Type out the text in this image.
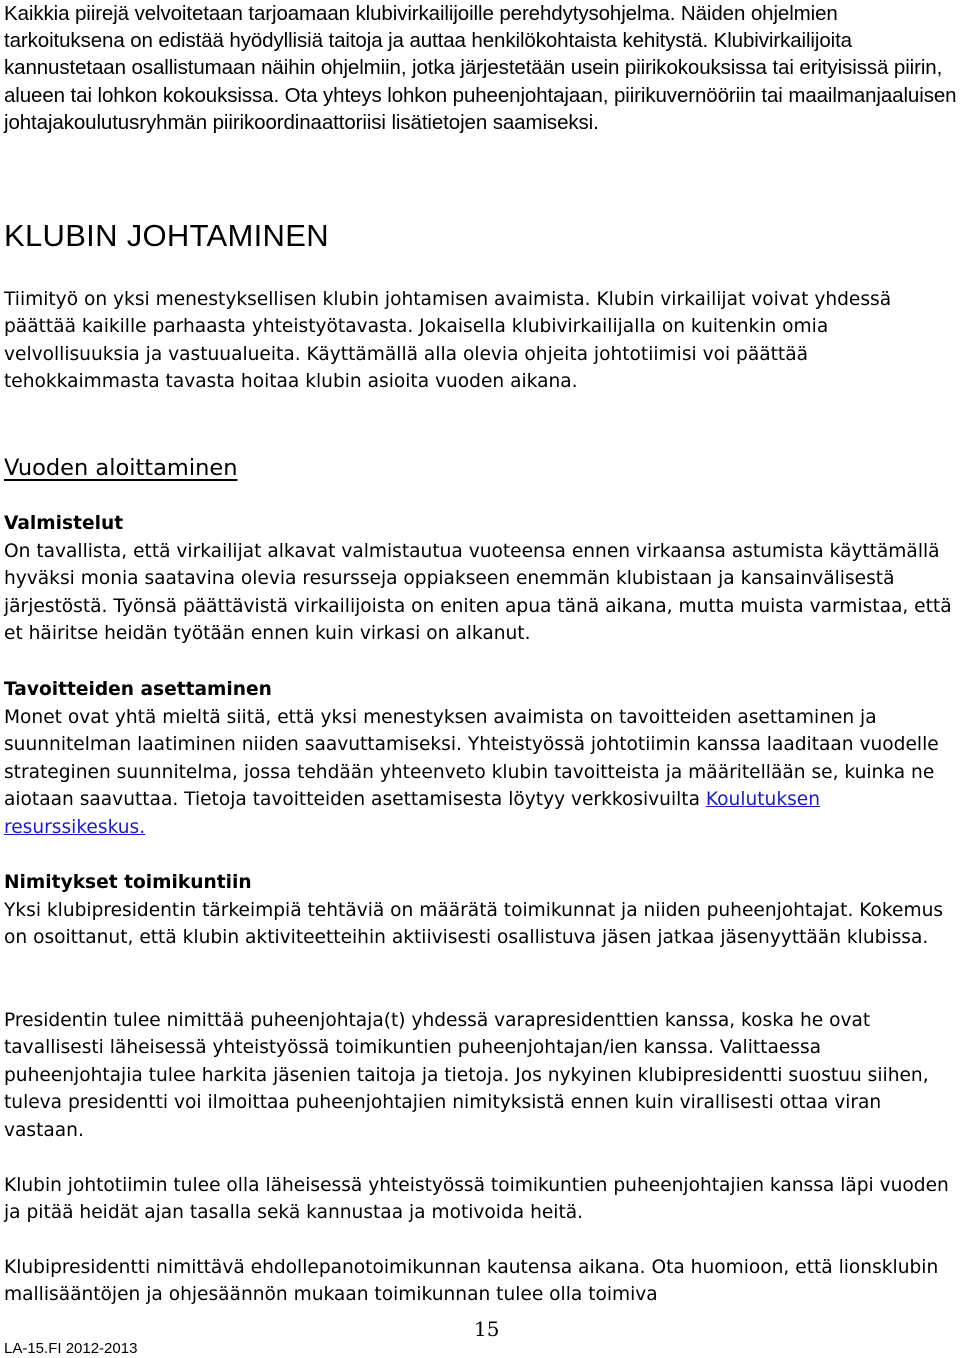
Kaikkia piirejä velvoitetaan tarjoamaan klubivirkailijoille perehdytysohjelma. Näiden ohjelmien tarkoituksena on edistää hyödyllisiä taitoja ja auttaa henkilökohtaista kehitystä. Klubivirkailijoita kannustetaan osallistumaan näihin ohjelmiin, jotka järjestetään usein piirikokouksissa tai erityisissä piirin, alueen tai lohkon kokouksissa. Ota yhteys lohkon puheenjohtajaan, piirikuvernööriin tai maailmanjaaluisen johtajakoulutusryhmän piirikoordinaattoriisi lisätietojen saamiseksi.

KLUBIN JOHTAMINEN

Tiimityö on yksi menestyksellisen klubin johtamisen avaimista. Klubin virkailijat voivat yhdessä päättää kaikille parhaasta yhteistyötavasta. Jokaisella klubivirkailijalla on kuitenkin omia velvollisuuksia ja vastuualueita. Käyttämällä alla olevia ohjeita johtotiimisi voi päättää tehokkaimmasta tavasta hoitaa klubin asioita vuoden aikana.

Vuoden aloittaminen
Valmistelut

On tavallista, että virkailijat alkavat valmistautua vuoteensa ennen virkaansa astumista käyttämällä hyväksi monia saatavina olevia resursseja oppiakseen enemmän klubistaan ja kansainvälisestä järjestöstä. Työnsä päättävistä virkailijoista on eniten apua tänä aikana, mutta muista varmistaa, että et häiritse heidän työtään ennen kuin virkasi on alkanut.

Tavoitteiden asettaminen

Monet ovat yhtä mieltä siitä, että yksi menestyksen avaimista on tavoitteiden asettaminen ja suunnitelman laatiminen niiden saavuttamiseksi. Yhteistyössä johtotiimin kanssa laaditaan vuodelle strateginen suunnitelma, jossa tehdään yhteenveto klubin tavoitteista ja määritellään se, kuinka ne aiotaan saavuttaa. Tietoja tavoitteiden asettamisesta löytyy verkkosivuilta Koulutuksen resurssikeskus.

Nimitykset toimikuntiin

Yksi klubipresidentin tärkeimpiä tehtäviä on määrätä toimikunnat ja niiden puheenjohtajat. Kokemus on osoittanut, että klubin aktiviteetteihin aktiivisesti osallistuva jäsen jatkaa jäsenyyttään klubissa.

Presidentin tulee nimittää puheenjohtaja(t) yhdessä varapresidenttien kanssa, koska he ovat tavallisesti läheisessä yhteistyössä toimikuntien puheenjohtajan/ien kanssa. Valittaessa puheenjohtajia tulee harkita jäsenien taitoja ja tietoja. Jos nykyinen klubipresidentti suostuu siihen, tuleva presidentti voi ilmoittaa puheenjohtajien nimityksistä ennen kuin virallisesti ottaa viran vastaan.

Klubin johtotiimin tulee olla läheisessä yhteistyössä toimikuntien puheenjohtajien kanssa läpi vuoden ja pitää heidät ajan tasalla sekä kannustaa ja motivoida heitä.

Klubipresidentti nimittävä ehdollepanotoimikunnan kautensa aikana. Ota huomioon, että lionsklubin mallisääntöjen ja ohjesäännön mukaan toimikunnan tulee olla toimiva

15

LA-15.FI 2012-2013
